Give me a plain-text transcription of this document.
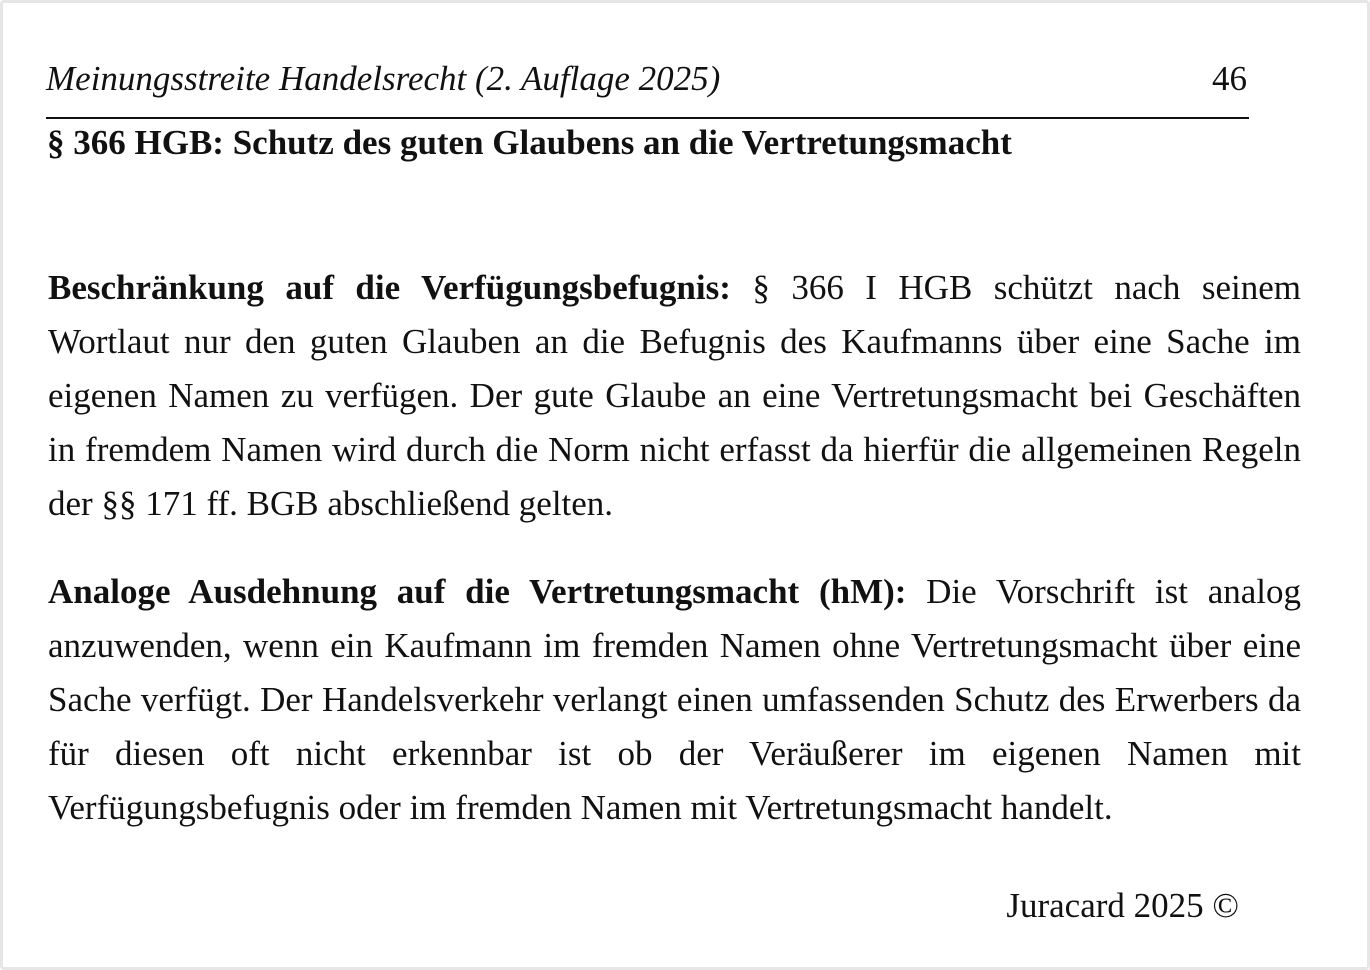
Meinungsstreite Handelsrecht (2. Auflage 2025)	46
§ 366 HGB: Schutz des guten Glaubens an die Vertretungsmacht

Beschränkung auf die Verfügungsbefugnis: § 366 I HGB schützt nach seinem Wortlaut nur den guten Glauben an die Befugnis des Kaufmanns über eine Sache im eigenen Namen zu verfügen. Der gute Glaube an eine Vertretungsmacht bei Geschäften in fremdem Namen wird durch die Norm nicht erfasst da hierfür die allgemeinen Regeln der §§ 171 ff. BGB abschließend gelten.

Analoge Ausdehnung auf die Vertretungsmacht (hM): Die Vorschrift ist analog anzuwenden, wenn ein Kaufmann im fremden Namen ohne Vertretungsmacht über eine Sache verfügt. Der Handelsverkehr verlangt einen umfassenden Schutz des Erwerbers da für diesen oft nicht erkennbar ist ob der Veräußerer im eigenen Namen mit Verfügungsbefugnis oder im fremden Namen mit Vertretungsmacht handelt.

Juracard 2025 ©
